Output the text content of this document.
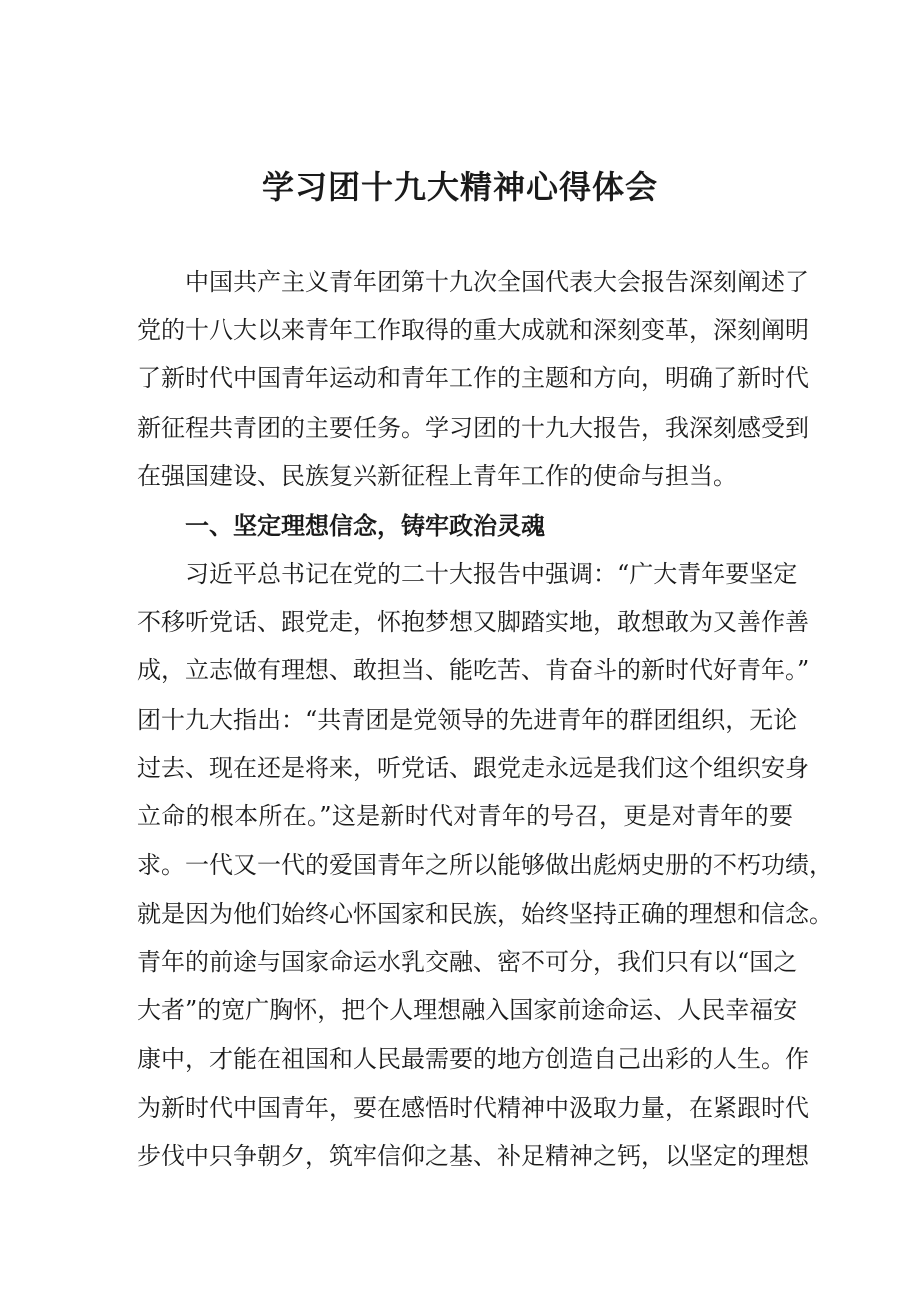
学习团十九大精神心得体会

中国共产主义青年团第十九次全国代表大会报告深刻阐述了

党的十八大以来青年工作取得的重大成就和深刻变革，深刻阐明

了新时代中国青年运动和青年工作的主题和方向，明确了新时代

新征程共青团的主要任务。学习团的十九大报告，我深刻感受到

在强国建设、民族复兴新征程上青年工作的使命与担当。

一、坚定理想信念，铸牢政治灵魂

习近平总书记在党的二十大报告中强调：“广大青年要坚定

不移听党话、跟党走，怀抱梦想又脚踏实地，敢想敢为又善作善

成，立志做有理想、敢担当、能吃苦、肯奋斗的新时代好青年。”

团十九大指出：“共青团是党领导的先进青年的群团组织，无论

过去、现在还是将来，听党话、跟党走永远是我们这个组织安身

立命的根本所在。”这是新时代对青年的号召，更是对青年的要

求。一代又一代的爱国青年之所以能够做出彪炳史册的不朽功绩，

就是因为他们始终心怀国家和民族，始终坚持正确的理想和信念。

青年的前途与国家命运水乳交融、密不可分，我们只有以“国之

大者”的宽广胸怀，把个人理想融入国家前途命运、人民幸福安

康中，才能在祖国和人民最需要的地方创造自己出彩的人生。作

为新时代中国青年，要在感悟时代精神中汲取力量，在紧跟时代

步伐中只争朝夕，筑牢信仰之基、补足精神之钙，以坚定的理想
